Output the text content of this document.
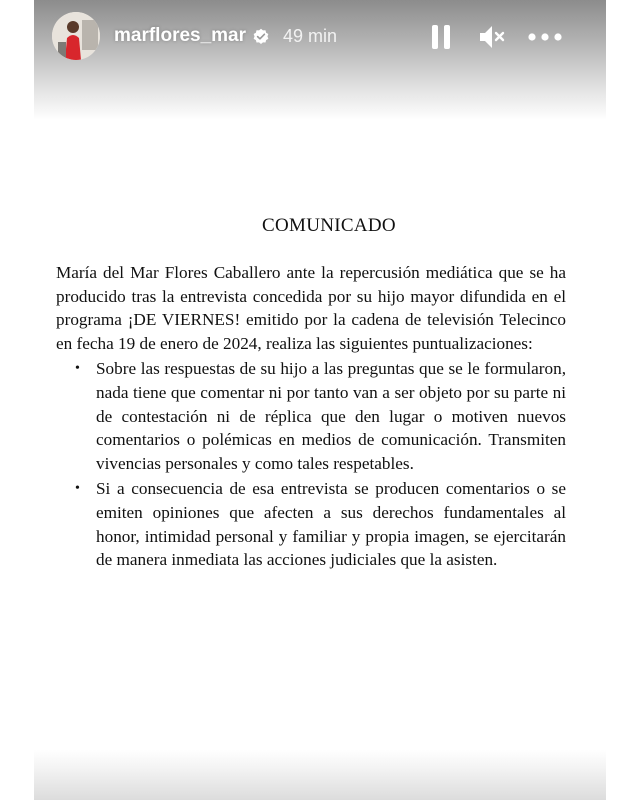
marflores_mar 49 min
COMUNICADO

María del Mar Flores Caballero ante la repercusión mediática que se ha producido tras la entrevista concedida por su hijo mayor difundida en el programa ¡DE VIERNES! emitido por la cadena de televisión Telecinco en fecha 19 de enero de 2024, realiza las siguientes puntualizaciones:

• Sobre las respuestas de su hijo a las preguntas que se le formularon, nada tiene que comentar ni por tanto van a ser objeto por su parte ni de contestación ni de réplica que den lugar o motiven nuevos comentarios o polémicas en medios de comunicación. Transmiten vivencias personales y como tales respetables.
• Si a consecuencia de esa entrevista se producen comentarios o se emiten opiniones que afecten a sus derechos fundamentales al honor, intimidad personal y familiar y propia imagen, se ejercitarán de manera inmediata las acciones judiciales que la asisten.
